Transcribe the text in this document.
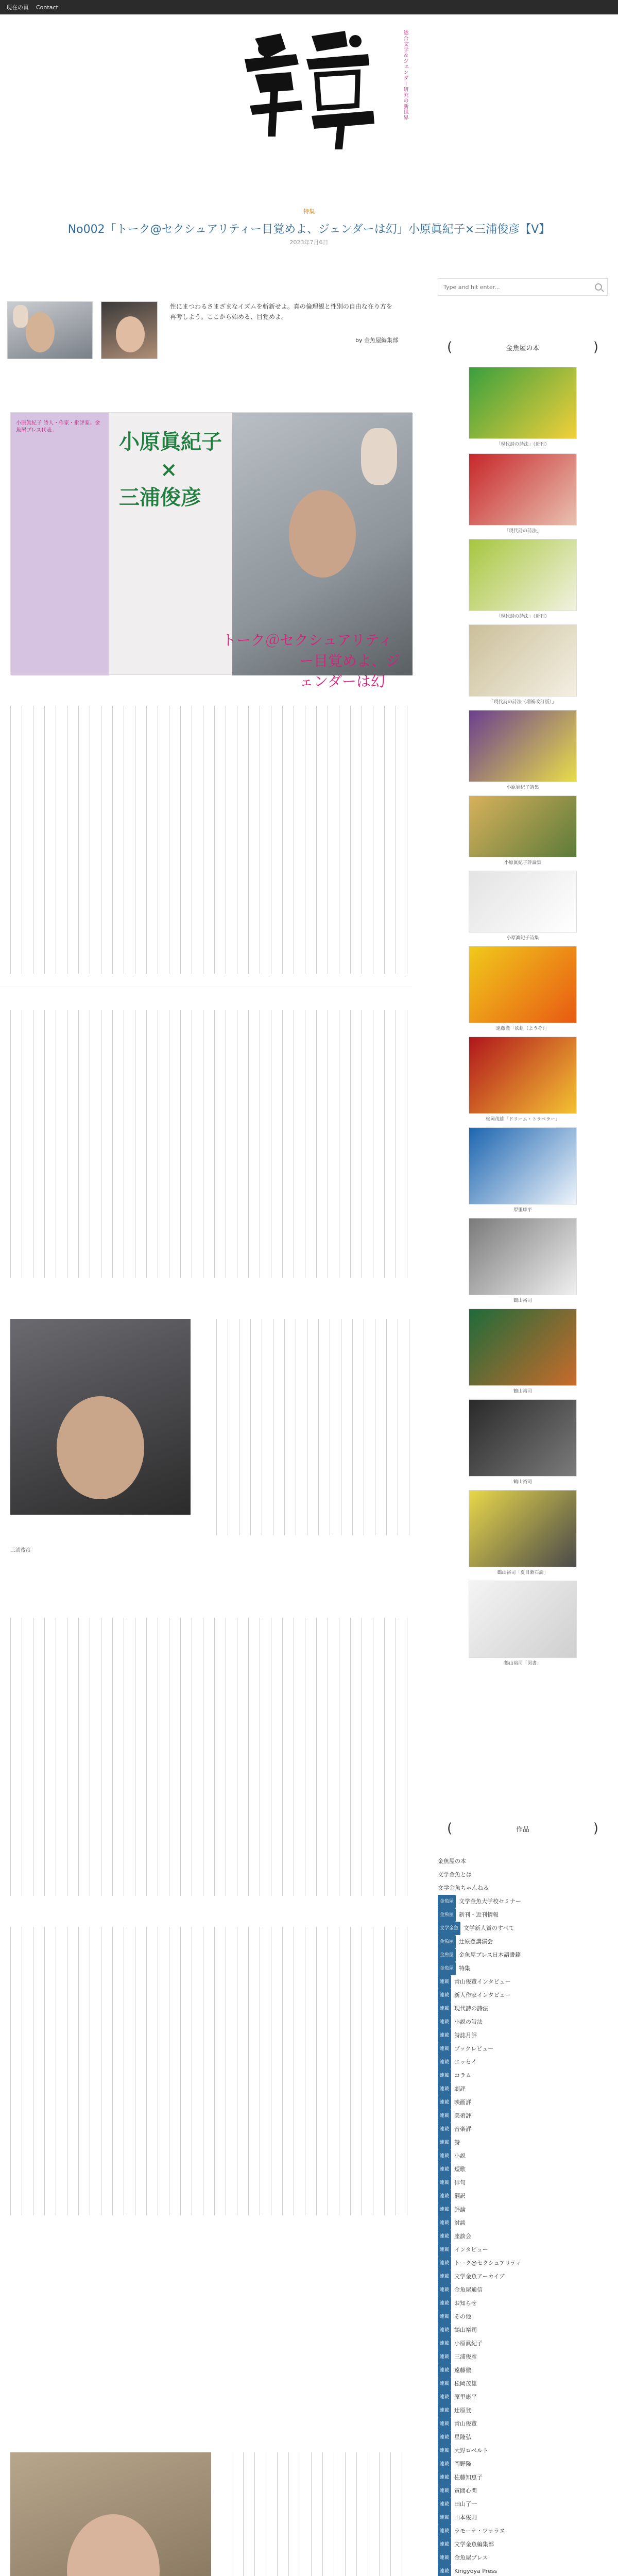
現在の頁 Contact
総合文学＆ジェンダー研究の新世界
特集
No002「トーク@セクシュアリティー目覚めよ、ジェンダーは幻」小原眞紀子×三浦俊彦【V】
2023年7月6日
性にまつわるさまざまなイズムを斬新せよ。真の倫理観と性別の自由な在り方を再考しよう。ここから始める、目覚めよ。
by 金魚屋編集部
小原眞紀子 詩人・作家・批評家。金魚屋プレス代表。	小原眞紀子
×
三浦俊彦
トーク＠セクシュアリティ
ー目覚めよ、ジェンダーは幻
三浦俊彦
Type and hit enter...
(	金魚屋の本	)
「現代詩の詩法」（近刊）
「現代詩の詩法」
「現代詩の詩法」（近刊）
「現代詩の詩法（増補改訂版）」
小原眞紀子詩集
小原眞紀子評論集
小原眞紀子詩集
遠藤徹「妖蛆（ようそ）」
松岡茂雄「ドリーム・トラベラー」
原里康平
鶴山裕司
鶴山裕司
鶴山裕司
鶴山裕司「夏目漱石論」
鶴山裕司「図書」
(	作品	)
金魚屋の本
文学金魚とは
文学金魚ちゃんねる
金魚屋 文学金魚大学校セミナー
金魚屋 新刊・近刊情報
文学金魚 文学新人賞のすべて
金魚屋 辻原登講演会
金魚屋 金魚屋プレス日本語書籍
金魚屋 特集
連載 青山俊董インタビュー
連載 新人作家インタビュー
連載 現代詩の詩法
連載 小説の詩法
連載 詩誌月評
連載 ブックレビュー
連載 エッセイ
連載 コラム
連載 劇評
連載 映画評
連載 美術評
連載 音楽評
連載 詩
連載 小説
連載 短歌
連載 俳句
連載 翻訳
連載 評論
連載 対談
連載 座談会
連載 インタビュー
連載 トーク@セクシュアリティ
連載 文学金魚アーカイブ
連載 金魚屋通信
連載 お知らせ
連載 その他
連載 鶴山裕司
連載 小原眞紀子
連載 三浦俊彦
連載 遠藤徹
連載 松岡茂雄
連載 原里康平
連載 辻原登
連載 青山俊董
連載 星隆弘
連載 大野ロベルト
連載 岡野隆
連載 佐藤知恵子
連載 寅間心閑
連載 田山了一
連載 山本俊則
連載 ラモーナ・ツァラヌ
連載 文学金魚編集部
連載 金魚屋プレス
連載 Kingyoya Press
